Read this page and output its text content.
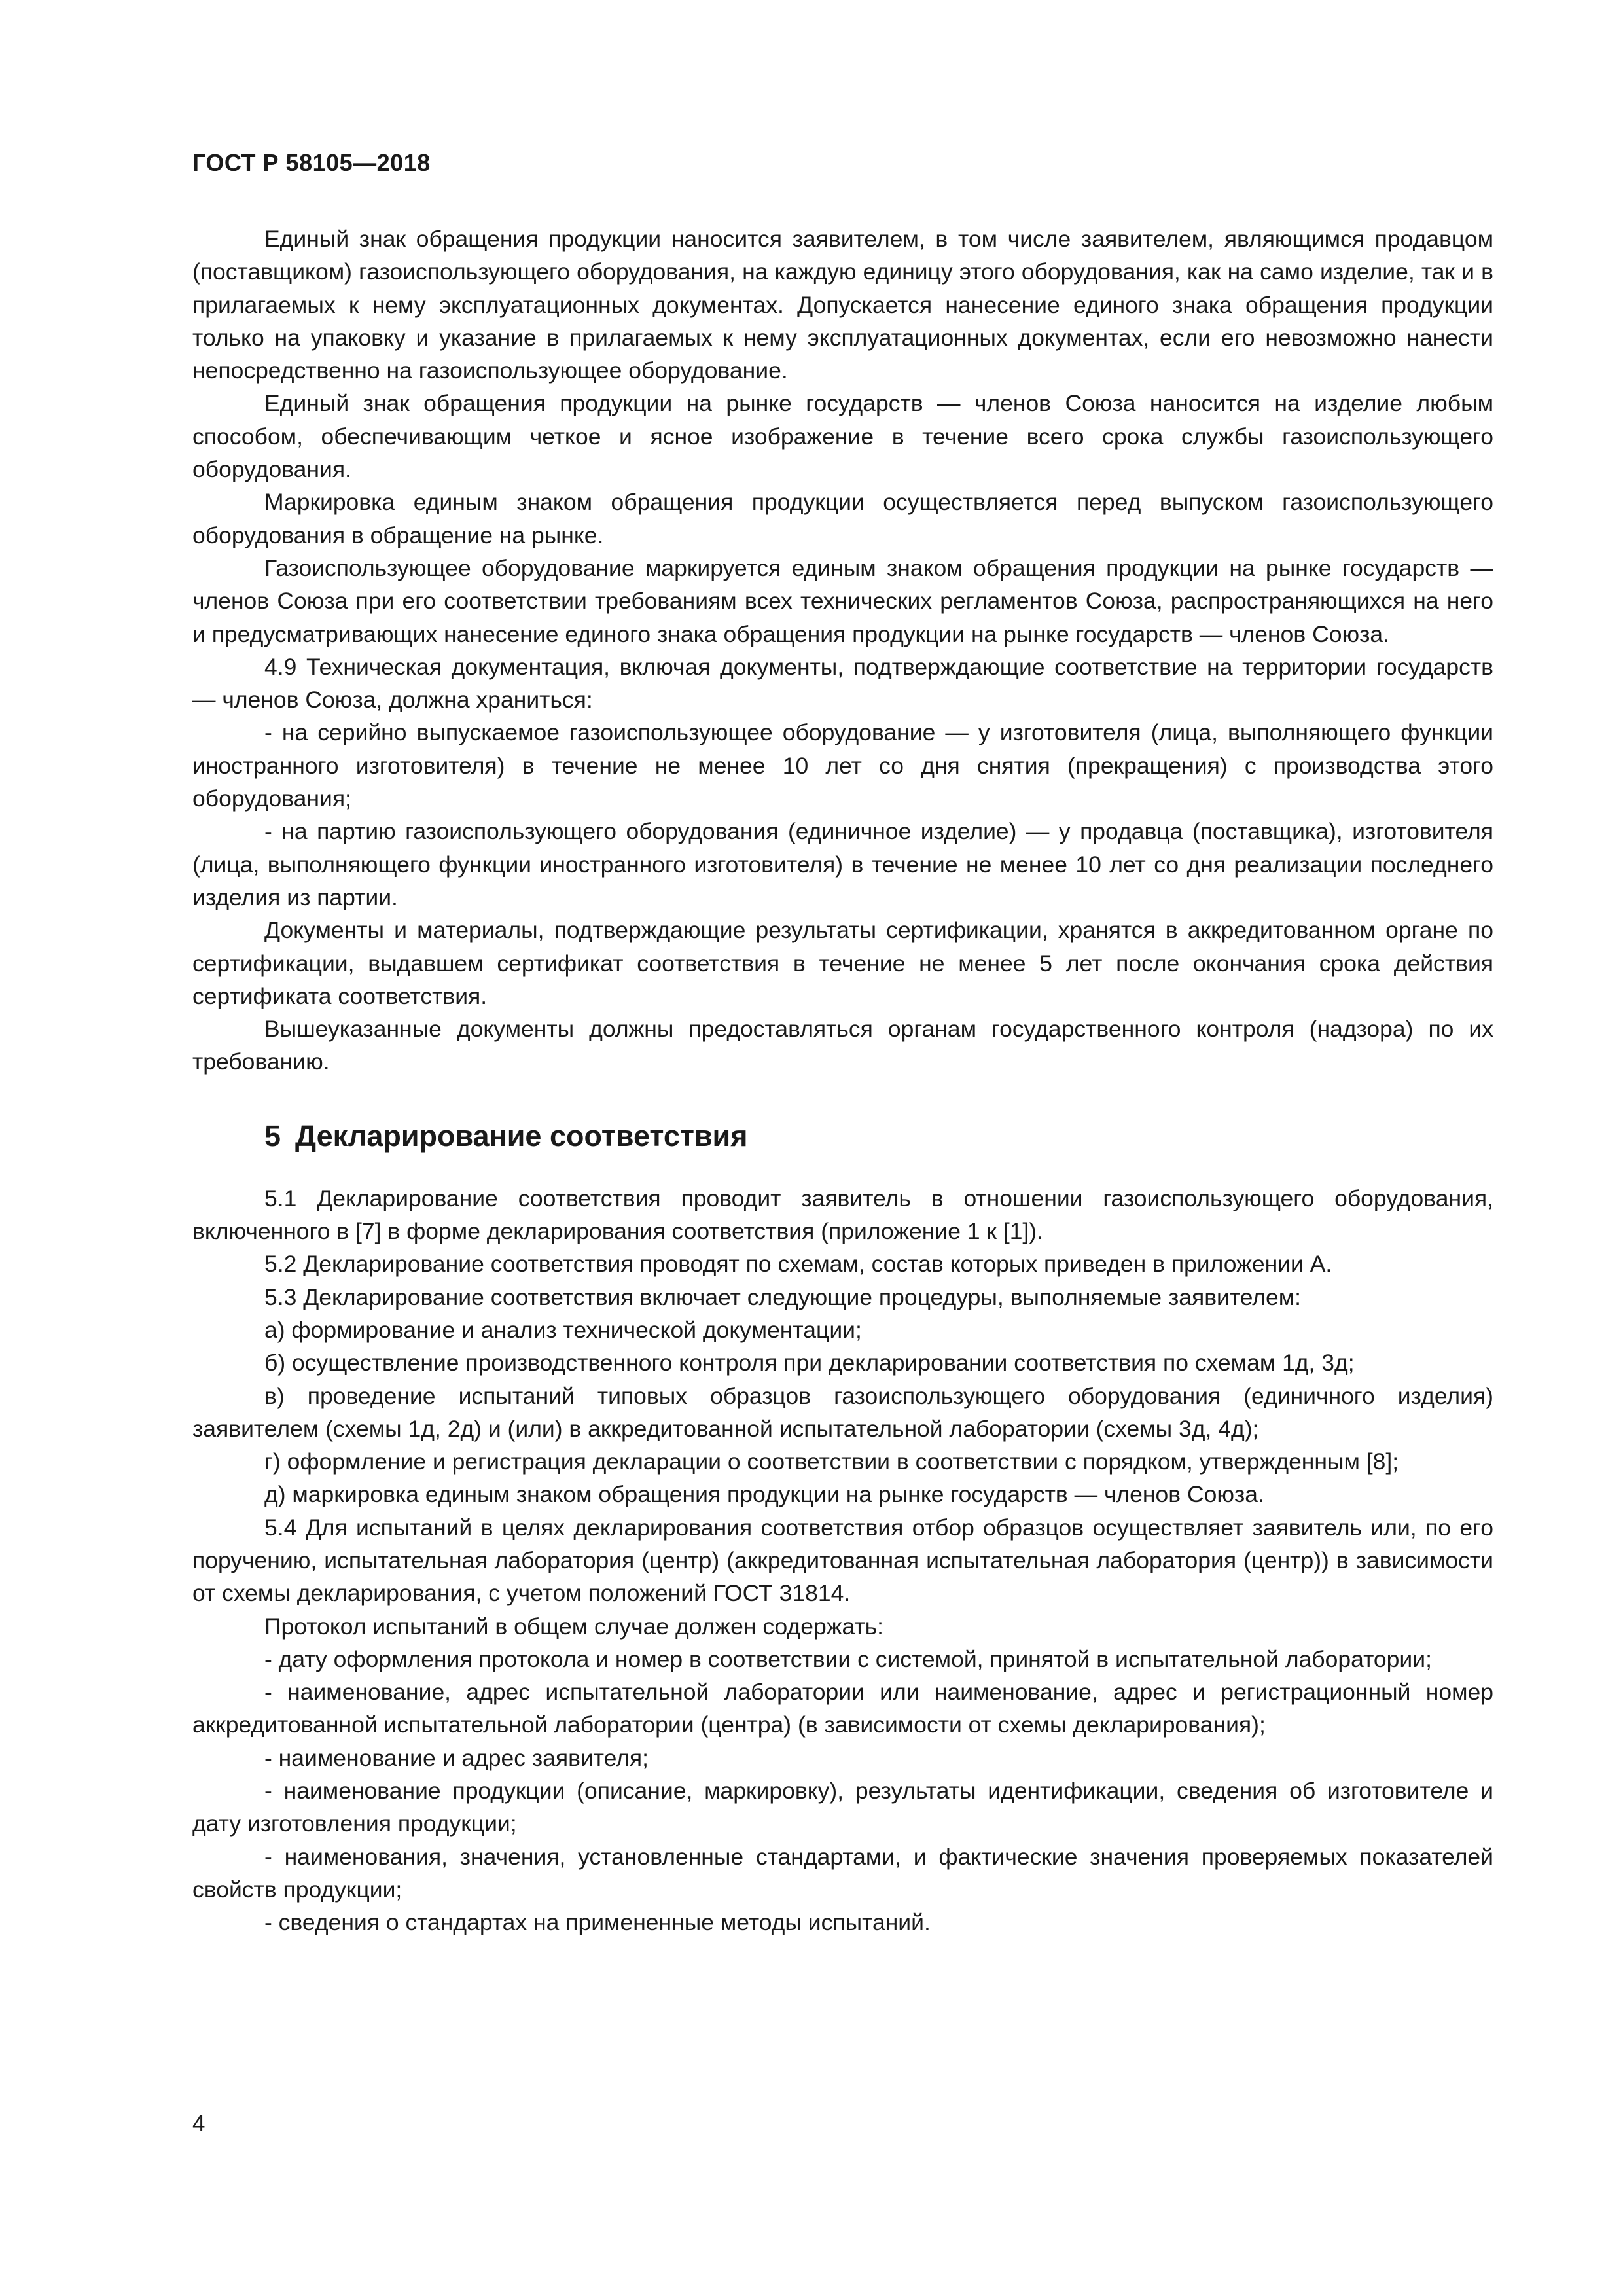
ГОСТ Р 58105—2018

Единый знак обращения продукции наносится заявителем, в том числе заявителем, являющимся продавцом (поставщиком) газоиспользующего оборудования, на каждую единицу этого оборудования, как на само изделие, так и в прилагаемых к нему эксплуатационных документах. Допускается нанесение единого знака обращения продукции только на упаковку и указание в прилагаемых к нему эксплуатационных документах, если его невозможно нанести непосредственно на газоиспользующее оборудование.

Единый знак обращения продукции на рынке государств — членов Союза наносится на изделие любым способом, обеспечивающим четкое и ясное изображение в течение всего срока службы газоиспользующего оборудования.

Маркировка единым знаком обращения продукции осуществляется перед выпуском газоиспользующего оборудования в обращение на рынке.

Газоиспользующее оборудование маркируется единым знаком обращения продукции на рынке государств — членов Союза при его соответствии требованиям всех технических регламентов Союза, распространяющихся на него и предусматривающих нанесение единого знака обращения продукции на рынке государств — членов Союза.

4.9 Техническая документация, включая документы, подтверждающие соответствие на территории государств — членов Союза, должна храниться:

- на серийно выпускаемое газоиспользующее оборудование — у изготовителя (лица, выполняющего функции иностранного изготовителя) в течение не менее 10 лет со дня снятия (прекращения) с производства этого оборудования;

- на партию газоиспользующего оборудования (единичное изделие) — у продавца (поставщика), изготовителя (лица, выполняющего функции иностранного изготовителя) в течение не менее 10 лет со дня реализации последнего изделия из партии.

Документы и материалы, подтверждающие результаты сертификации, хранятся в аккредитованном органе по сертификации, выдавшем сертификат соответствия в течение не менее 5 лет после окончания срока действия сертификата соответствия.

Вышеуказанные документы должны предоставляться органам государственного контроля (надзора) по их требованию.

5 Декларирование соответствия

5.1 Декларирование соответствия проводит заявитель в отношении газоиспользующего оборудования, включенного в [7] в форме декларирования соответствия (приложение 1 к [1]).

5.2 Декларирование соответствия проводят по схемам, состав которых приведен в приложении А.

5.3 Декларирование соответствия включает следующие процедуры, выполняемые заявителем:

а) формирование и анализ технической документации;

б) осуществление производственного контроля при декларировании соответствия по схемам 1д, 3д;

в) проведение испытаний типовых образцов газоиспользующего оборудования (единичного изделия) заявителем (схемы 1д, 2д) и (или) в аккредитованной испытательной лаборатории (схемы 3д, 4д);

г) оформление и регистрация декларации о соответствии в соответствии с порядком, утвержденным [8];

д) маркировка единым знаком обращения продукции на рынке государств — членов Союза.

5.4 Для испытаний в целях декларирования соответствия отбор образцов осуществляет заявитель или, по его поручению, испытательная лаборатория (центр) (аккредитованная испытательная лаборатория (центр)) в зависимости от схемы декларирования, с учетом положений ГОСТ 31814.

Протокол испытаний в общем случае должен содержать:

- дату оформления протокола и номер в соответствии с системой, принятой в испытательной лаборатории;

- наименование, адрес испытательной лаборатории или наименование, адрес и регистрационный номер аккредитованной испытательной лаборатории (центра) (в зависимости от схемы декларирования);

- наименование и адрес заявителя;

- наименование продукции (описание, маркировку), результаты идентификации, сведения об изготовителе и дату изготовления продукции;

- наименования, значения, установленные стандартами, и фактические значения проверяемых показателей свойств продукции;

- сведения о стандартах на примененные методы испытаний.

4
